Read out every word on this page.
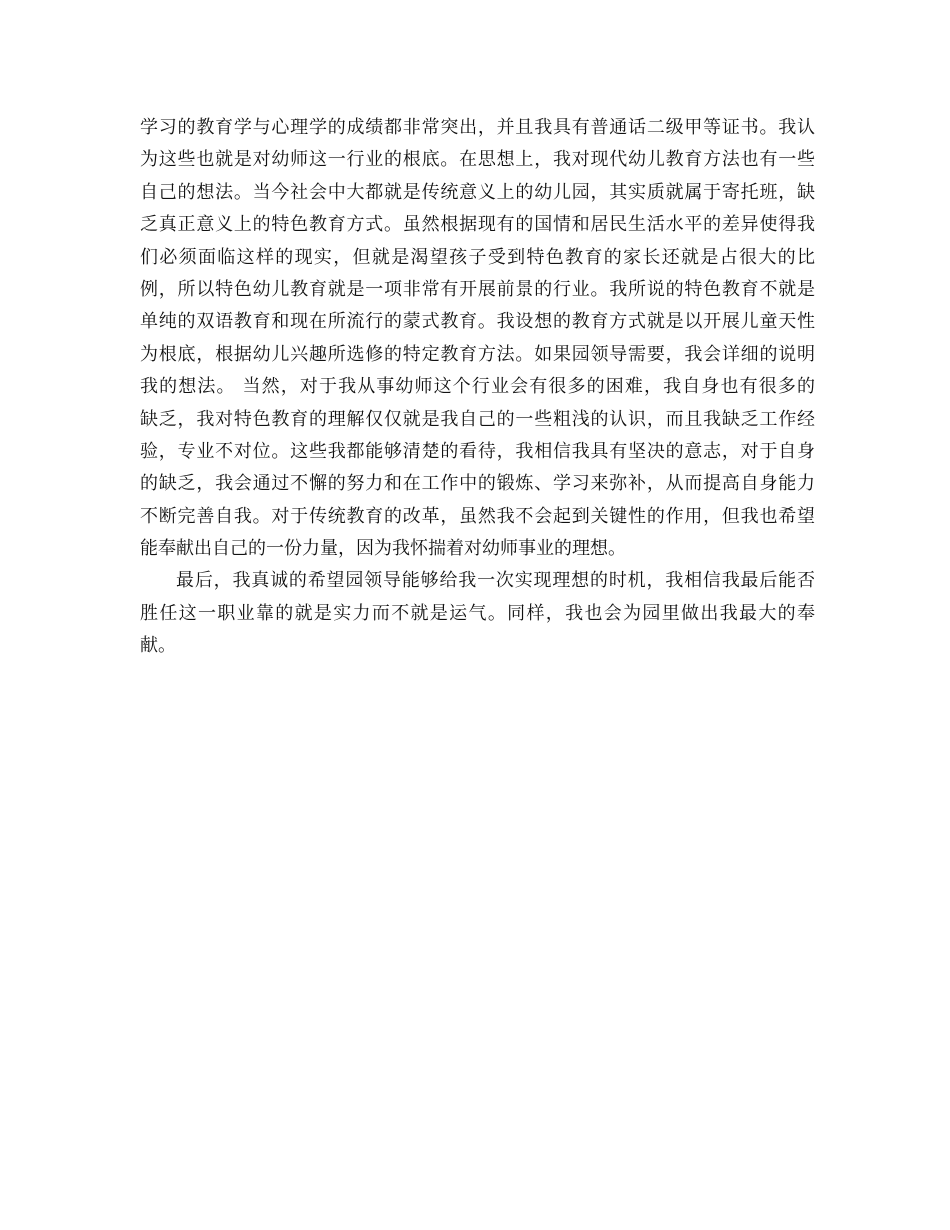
学习的教育学与心理学的成绩都非常突出，并且我具有普通话二级甲等证书。我认
为这些也就是对幼师这一行业的根底。在思想上，我对现代幼儿教育方法也有一些
自己的想法。当今社会中大都就是传统意义上的幼儿园，其实质就属于寄托班，缺
乏真正意义上的特色教育方式。虽然根据现有的国情和居民生活水平的差异使得我
们必须面临这样的现实，但就是渴望孩子受到特色教育的家长还就是占很大的比
例，所以特色幼儿教育就是一项非常有开展前景的行业。我所说的特色教育不就是
单纯的双语教育和现在所流行的蒙式教育。我设想的教育方式就是以开展儿童天性
为根底，根据幼儿兴趣所选修的特定教育方法。如果园领导需要，我会详细的说明
我的想法。 当然，对于我从事幼师这个行业会有很多的困难，我自身也有很多的
缺乏，我对特色教育的理解仅仅就是我自己的一些粗浅的认识，而且我缺乏工作经
验，专业不对位。这些我都能够清楚的看待，我相信我具有坚决的意志，对于自身
的缺乏，我会通过不懈的努力和在工作中的锻炼、学习来弥补，从而提高自身能力
不断完善自我。对于传统教育的改革，虽然我不会起到关键性的作用，但我也希望
能奉献出自己的一份力量，因为我怀揣着对幼师事业的理想。
最后，我真诚的希望园领导能够给我一次实现理想的时机，我相信我最后能否
胜任这一职业靠的就是实力而不就是运气。同样，我也会为园里做出我最大的奉
献。
